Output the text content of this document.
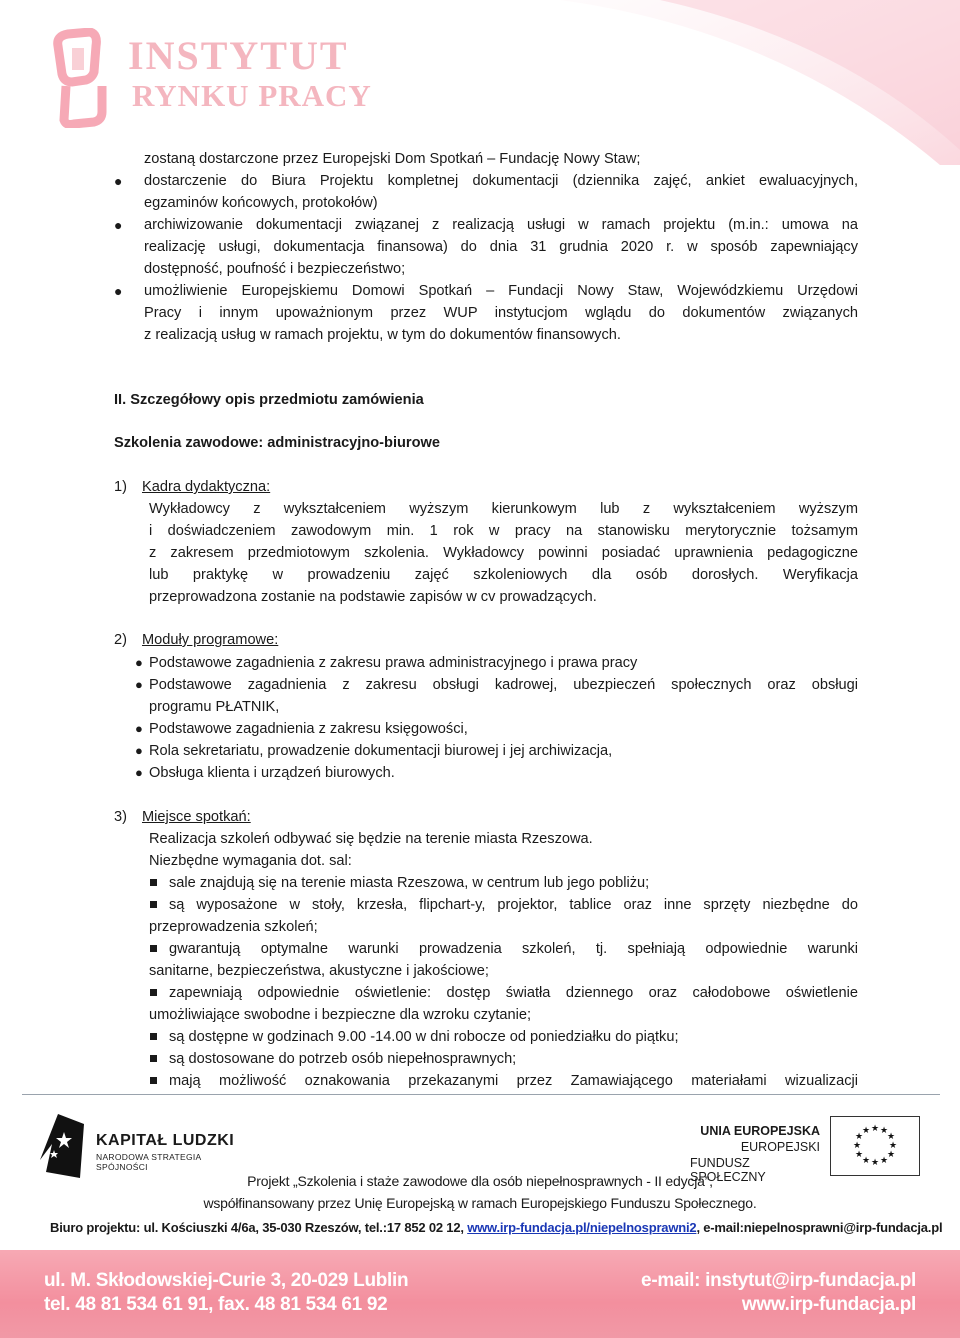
INSTYTUT
RYNKU PRACY
zostaną dostarczone przez Europejski Dom Spotkań – Fundację Nowy Staw;
● dostarczenie do Biura Projektu kompletnej dokumentacji (dziennika zajęć, ankiet ewaluacyjnych,
egzaminów końcowych, protokołów)
● archiwizowanie dokumentacji związanej z realizacją usługi w ramach projektu (m.in.: umowa na
realizację usługi, dokumentacja finansowa) do dnia 31 grudnia 2020 r. w sposób zapewniający
dostępność, poufność i bezpieczeństwo;
● umożliwienie Europejskiemu Domowi Spotkań – Fundacji Nowy Staw, Wojewódzkiemu Urzędowi
Pracy i innym upoważnionym przez WUP instytucjom wglądu do dokumentów związanych
z realizacją usług w ramach projektu, w tym do dokumentów finansowych.

II. Szczegółowy opis przedmiotu zamówienia

Szkolenia zawodowe: administracyjno-biurowe

1) Kadra dydaktyczna:
Wykładowcy z wykształceniem wyższym kierunkowym lub z wykształceniem wyższym
i doświadczeniem zawodowym min. 1 rok w pracy na stanowisku merytorycznie tożsamym
z zakresem przedmiotowym szkolenia. Wykładowcy powinni posiadać uprawnienia pedagogiczne
lub praktykę w prowadzeniu zajęć szkoleniowych dla osób dorosłych. Weryfikacja
przeprowadzona zostanie na podstawie zapisów w cv prowadzących.
2) Moduły programowe:
● Podstawowe zagadnienia z zakresu prawa administracyjnego i prawa pracy
● Podstawowe zagadnienia z zakresu obsługi kadrowej, ubezpieczeń społecznych oraz obsługi
programu PŁATNIK,
● Podstawowe zagadnienia z zakresu księgowości,
● Rola sekretariatu, prowadzenie dokumentacji biurowej i jej archiwizacja,
● Obsługa klienta i urządzeń biurowych.
3) Miejsce spotkań:
Realizacja szkoleń odbywać się będzie na terenie miasta Rzeszowa.
Niezbędne wymagania dot. sal:
sale znajdują się na terenie miasta Rzeszowa, w centrum lub jego pobliżu;
są wyposażone w stoły, krzesła, flipchart-y, projektor, tablice oraz inne sprzęty niezbędne do
przeprowadzenia szkoleń;
gwarantują optymalne warunki prowadzenia szkoleń, tj. spełniają odpowiednie warunki
sanitarne, bezpieczeństwa, akustyczne i jakościowe;
zapewniają odpowiednie oświetlenie: dostęp światła dziennego oraz całodobowe oświetlenie
umożliwiające swobodne i bezpieczne dla wzroku czytanie;
są dostępne w godzinach 9.00 -14.00 w dni robocze od poniedziałku do piątku;
są dostosowane do potrzeb osób niepełnosprawnych;
mają możliwość oznakowania przekazanymi przez Zamawiającego materiałami wizualizacji
KAPITAŁ LUDZKI
NARODOWA STRATEGIA SPÓJNOŚCI
UNIA EUROPEJSKA
EUROPEJSKI
FUNDUSZ SPOŁECZNY
★ ★
★
★
★
★
★
★
★
★
★
★
Projekt „Szkolenia i staże zawodowe dla osób niepełnosprawnych - II edycja”,
współfinansowany przez Unię Europejską w ramach Europejskiego Funduszu Społecznego.
Biuro projektu: ul. Kościuszki 4/6a, 35-030 Rzeszów, tel.:17 852 02 12, www.irp-fundacja.pl/niepelnosprawni2, e-mail:niepelnosprawni@irp-fundacja.pl
ul. M. Skłodowskiej-Curie 3, 20-029 Lublin
tel. 48 81 534 61 91, fax. 48 81 534 61 92
e-mail: instytut@irp-fundacja.pl
www.irp-fundacja.pl
